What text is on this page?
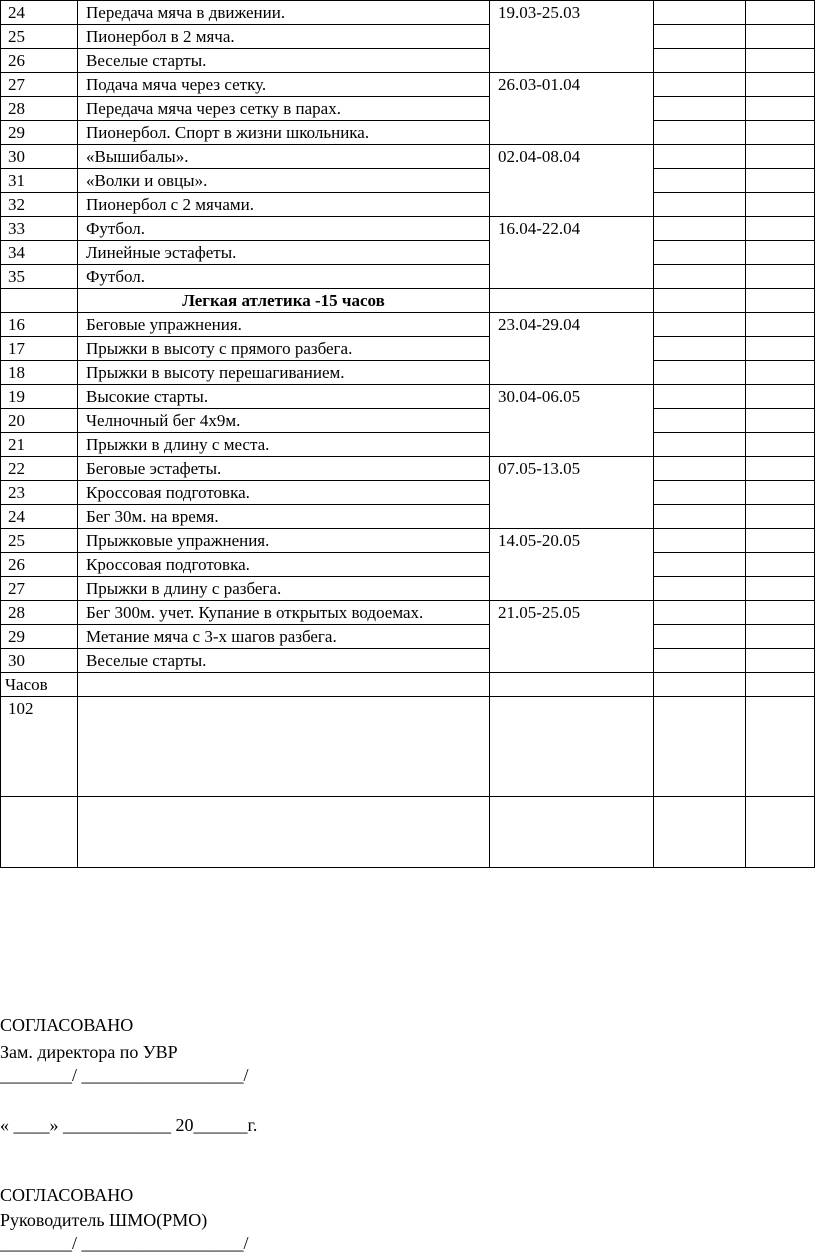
24	Передача мяча в движении.	19.03-25.03		
25	Пионербол в 2 мяча.			
26	Веселые старты.			
27	Подача мяча через сетку.	26.03-01.04		
28	Передача мяча через сетку в парах.			
29	Пионербол. Спорт в жизни школьника.			
30	«Вышибалы».	02.04-08.04		
31	«Волки и овцы».			
32	Пионербол с 2 мячами.			
33	Футбол.	16.04-22.04		
34	Линейные эстафеты.			
35	Футбол.			
	Легкая атлетика -15 часов			
16	Беговые упражнения.	23.04-29.04		
17	Прыжки в высоту с прямого разбега.			
18	Прыжки в высоту перешагиванием.			
19	Высокие старты.	30.04-06.05		
20	Челночный бег 4х9м.			
21	Прыжки в длину с места.			
22	Беговые эстафеты.	07.05-13.05		
23	Кроссовая подготовка.			
24	Бег 30м. на время.			
25	Прыжковые упражнения.	14.05-20.05		
26	Кроссовая подготовка.			
27	Прыжки в длину с разбега.			
28	Бег 300м. учет. Купание в открытых водоемах.	21.05-25.05		
29	Метание мяча с 3-х шагов разбега.			
30	Веселые старты.			
Часов				
102				

СОГЛАСОВАНО

Зам. директора по УВР

________/ __________________/

« ____» ____________ 20______г.

СОГЛАСОВАНО

Руководитель ШМО(РМО)

________/ __________________/
